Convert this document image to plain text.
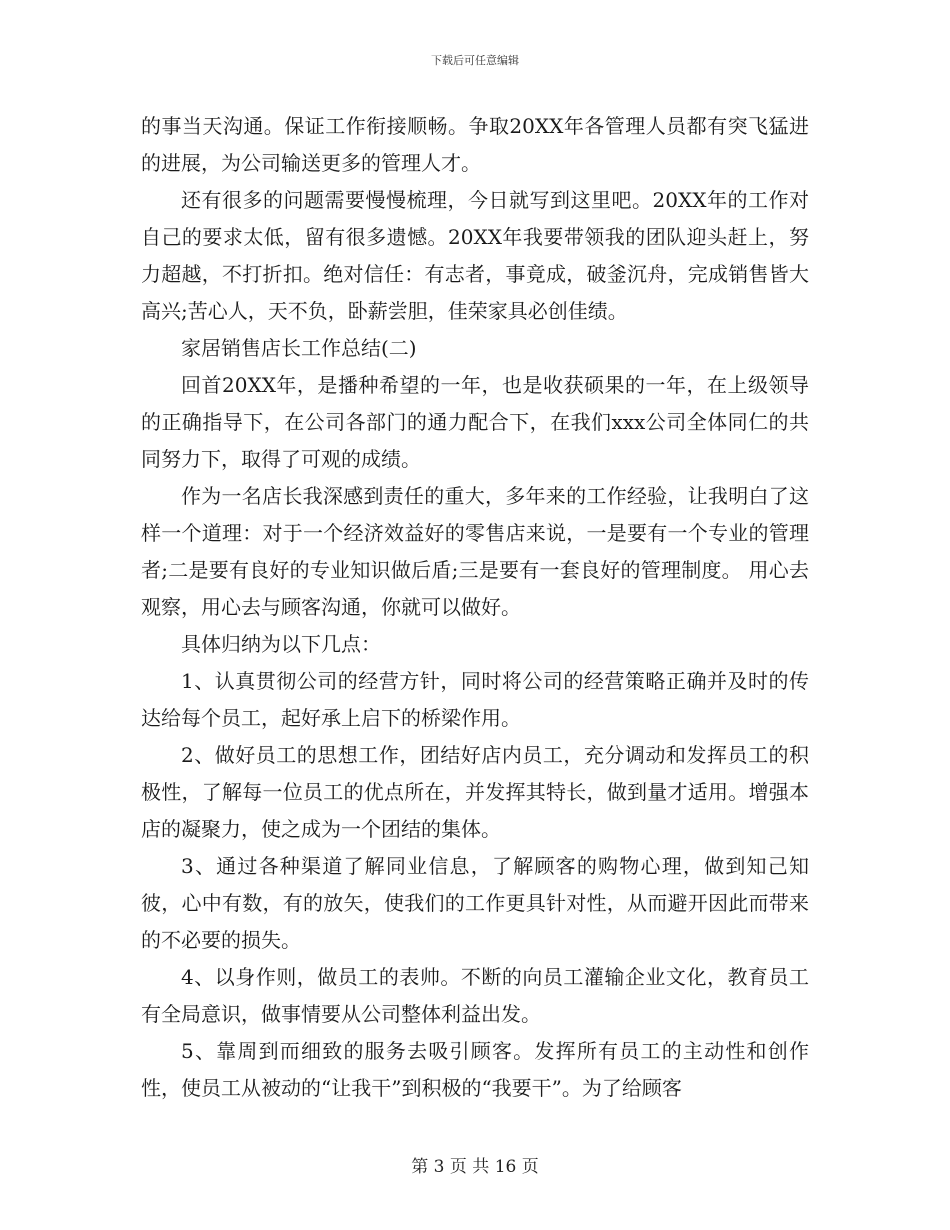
下载后可任意编辑

的事当天沟通。保证工作衔接顺畅。争取20XX年各管理人员都有突飞猛进的进展，为公司输送更多的管理人才。

还有很多的问题需要慢慢梳理，今日就写到这里吧。20XX年的工作对自己的要求太低，留有很多遗憾。20XX年我要带领我的团队迎头赶上，努力超越，不打折扣。绝对信任：有志者，事竟成，破釜沉舟，完成销售皆大高兴;苦心人，天不负，卧薪尝胆，佳荣家具必创佳绩。

家居销售店长工作总结(二)

回首20XX年，是播种希望的一年，也是收获硕果的一年，在上级领导的正确指导下，在公司各部门的通力配合下，在我们xxx公司全体同仁的共同努力下，取得了可观的成绩。

作为一名店长我深感到责任的重大，多年来的工作经验，让我明白了这样一个道理：对于一个经济效益好的零售店来说，一是要有一个专业的管理者;二是要有良好的专业知识做后盾;三是要有一套良好的管理制度。 用心去观察，用心去与顾客沟通，你就可以做好。

具体归纳为以下几点：

1、认真贯彻公司的经营方针，同时将公司的经营策略正确并及时的传达给每个员工，起好承上启下的桥梁作用。

2、做好员工的思想工作，团结好店内员工，充分调动和发挥员工的积极性，了解每一位员工的优点所在，并发挥其特长，做到量才适用。增强本店的凝聚力，使之成为一个团结的集体。

3、通过各种渠道了解同业信息，了解顾客的购物心理，做到知己知彼，心中有数，有的放矢，使我们的工作更具针对性，从而避开因此而带来的不必要的损失。

4、以身作则，做员工的表帅。不断的向员工灌输企业文化，教育员工有全局意识，做事情要从公司整体利益出发。

5、靠周到而细致的服务去吸引顾客。发挥所有员工的主动性和创作性，使员工从被动的“让我干”到积极的“我要干”。为了给顾客

第 3 页 共 16 页
